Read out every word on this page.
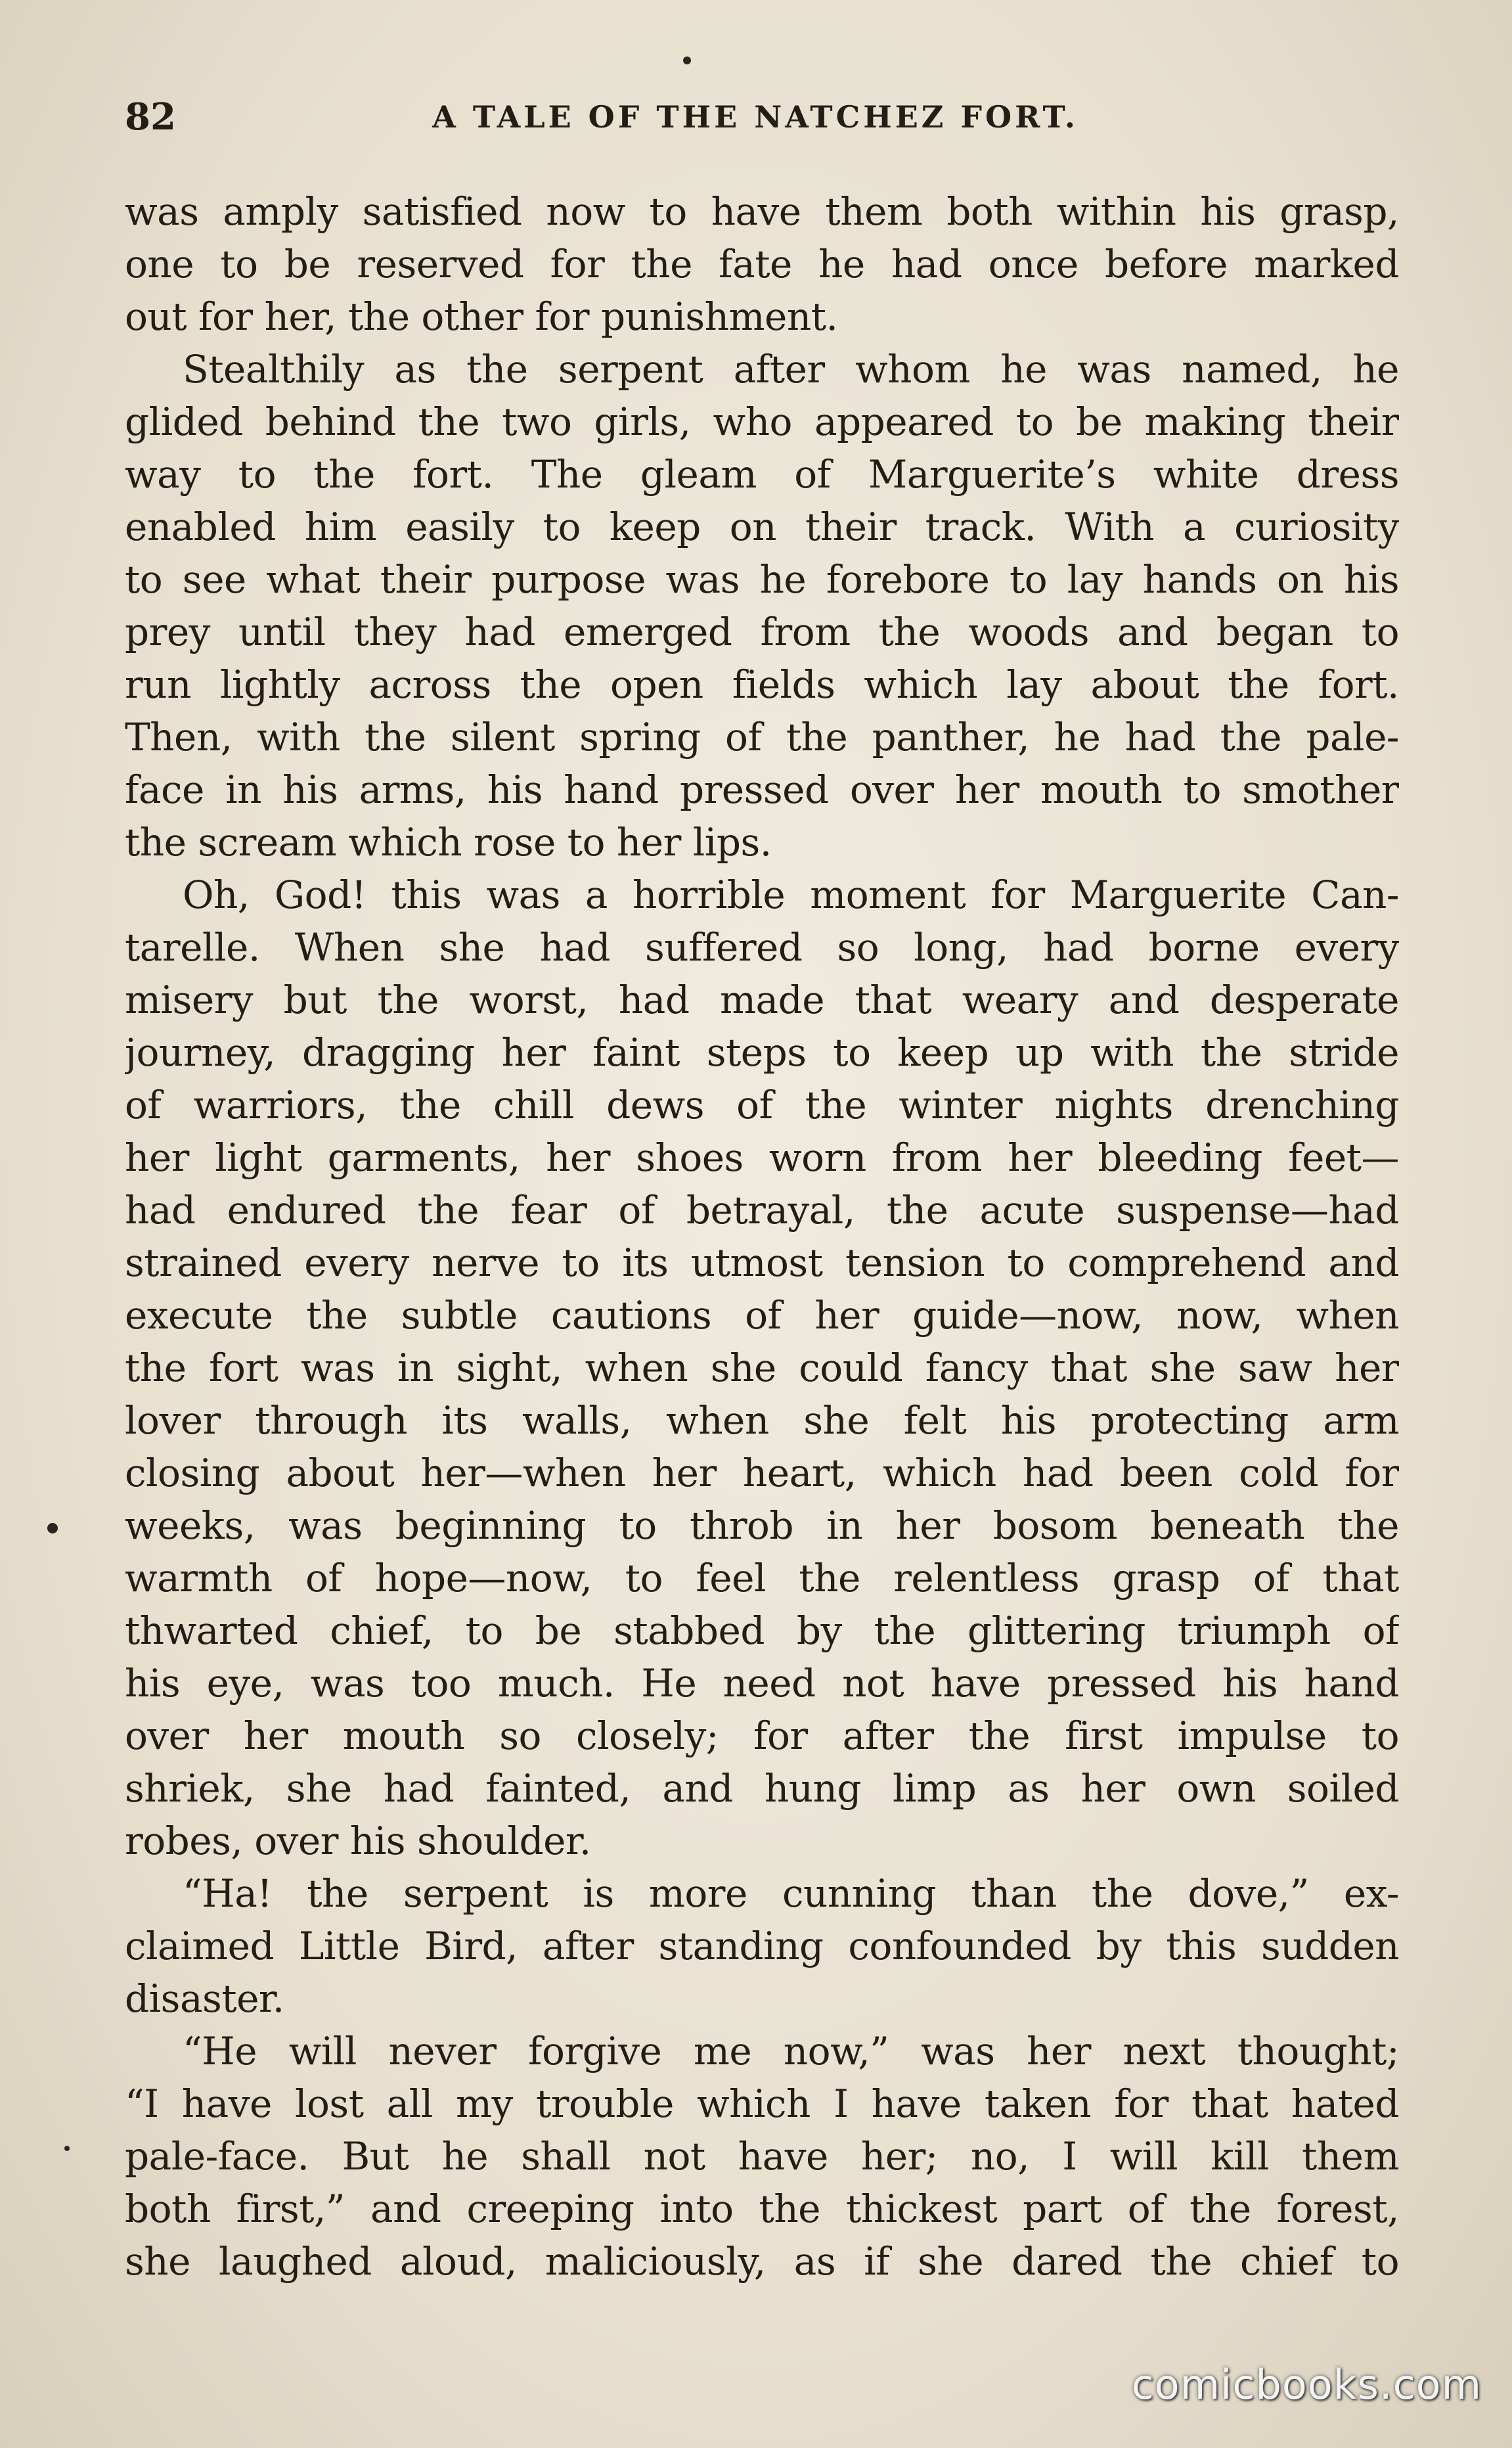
82	A TALE OF THE NATCHEZ FORT.

was amply satisfied now to have them both within his grasp,
one to be reserved for the fate he had once before marked
out for her, the other for punishment.

Stealthily as the serpent after whom he was named, he
glided behind the two girls, who appeared to be making their
way to the fort. The gleam of Marguerite’s white dress
enabled him easily to keep on their track. With a curiosity
to see what their purpose was he forebore to lay hands on his
prey until they had emerged from the woods and began to
run lightly across the open fields which lay about the fort.
Then, with the silent spring of the panther, he had the pale-
face in his arms, his hand pressed over her mouth to smother
the scream which rose to her lips.

Oh, God! this was a horrible moment for Marguerite Can-
tarelle. When she had suffered so long, had borne every
misery but the worst, had made that weary and desperate
journey, dragging her faint steps to keep up with the stride
of warriors, the chill dews of the winter nights drenching
her light garments, her shoes worn from her bleeding feet—
had endured the fear of betrayal, the acute suspense—had
strained every nerve to its utmost tension to comprehend and
execute the subtle cautions of her guide—now, now, when
the fort was in sight, when she could fancy that she saw her
lover through its walls, when she felt his protecting arm
closing about her—when her heart, which had been cold for
weeks, was beginning to throb in her bosom beneath the
warmth of hope—now, to feel the relentless grasp of that
thwarted chief, to be stabbed by the glittering triumph of
his eye, was too much. He need not have pressed his hand
over her mouth so closely; for after the first impulse to
shriek, she had fainted, and hung limp as her own soiled
robes, over his shoulder.

“Ha! the serpent is more cunning than the dove,” ex-
claimed Little Bird, after standing confounded by this sudden
disaster.

“He will never forgive me now,” was her next thought;
“I have lost all my trouble which I have taken for that hated
pale-face. But he shall not have her; no, I will kill them
both first,” and creeping into the thickest part of the forest,
she laughed aloud, maliciously, as if she dared the chief to

comicbooks.com
